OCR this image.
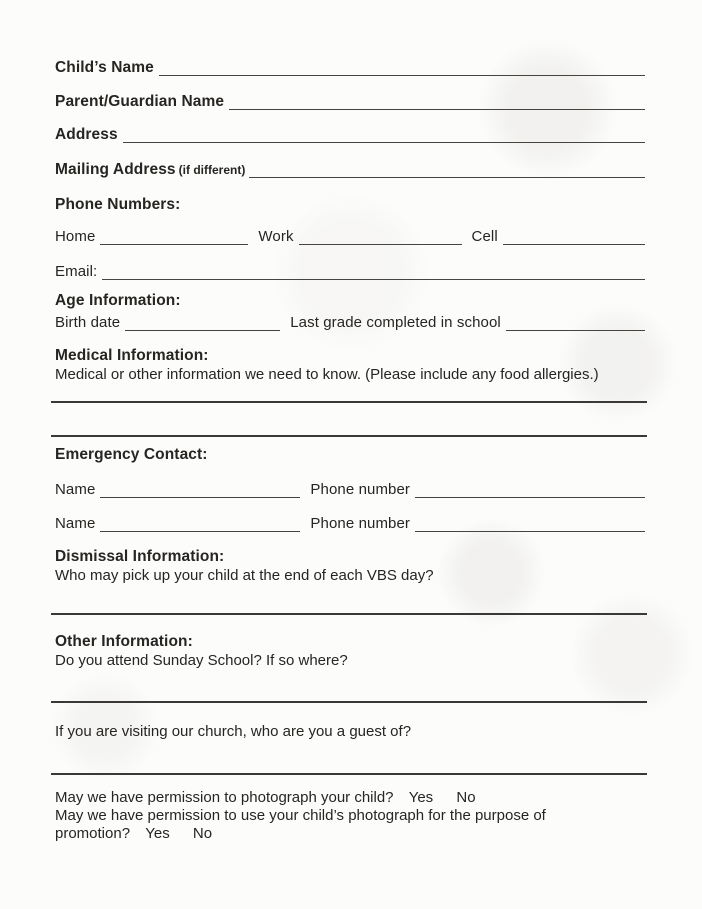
Child’s Name
Parent/Guardian Name
Address
Mailing Address (if different)
Phone Numbers:
Home	Work	Cell
Email:
Age Information:
Birth date	Last grade completed in school
Medical Information:
Medical or other information we need to know. (Please include any food allergies.)
Emergency Contact:
Name	Phone number
Name	Phone number
Dismissal Information:
Who may pick up your child at the end of each VBS day?
Other Information:
Do you attend Sunday School? If so where?
If you are visiting our church, who are you a guest of?
May we have permission to photograph your child? Yes No
May we have permission to use your child’s photograph for the purpose of
promotion? Yes No
